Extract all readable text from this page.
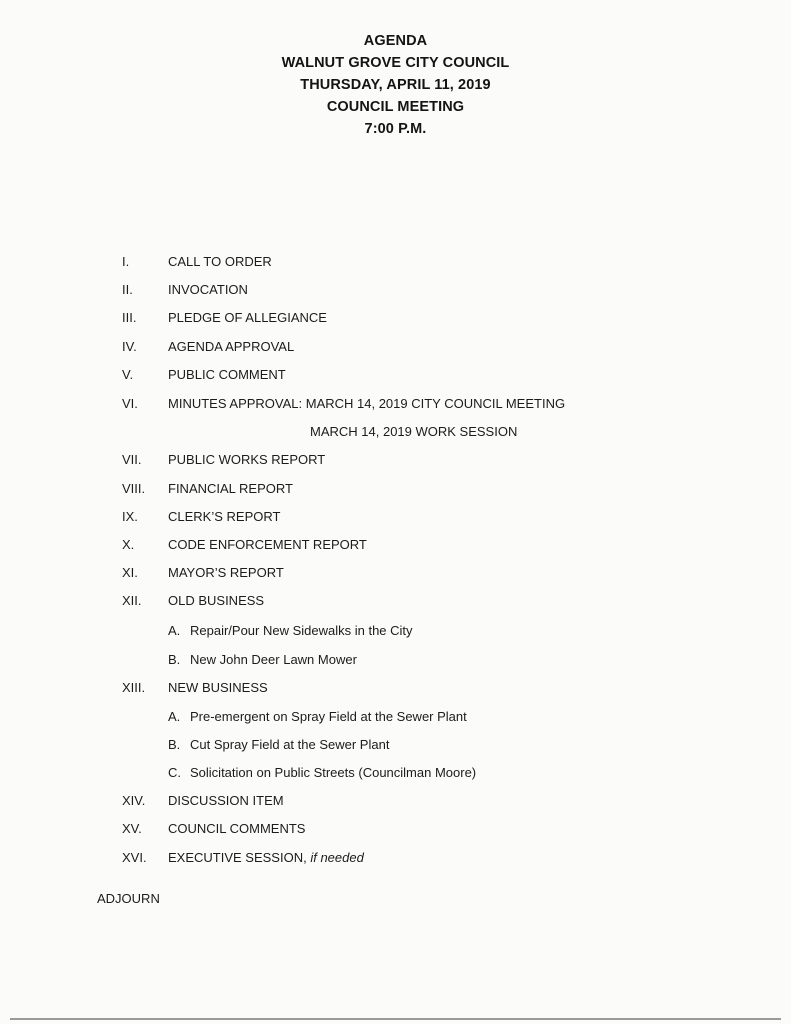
AGENDA
WALNUT GROVE CITY COUNCIL
THURSDAY, APRIL 11, 2019
COUNCIL MEETING
7:00 P.M.
I.	CALL TO ORDER
II.	INVOCATION
III. PLEDGE OF ALLEGIANCE
IV. AGENDA APPROVAL
V.	PUBLIC COMMENT
VI. MINUTES APPROVAL: MARCH 14, 2019 CITY COUNCIL MEETING
MARCH 14, 2019 WORK SESSION
VII. PUBLIC WORKS REPORT
VIII. FINANCIAL REPORT
IX. CLERK’S REPORT
X.	CODE ENFORCEMENT REPORT
XI. MAYOR’S REPORT
XII. OLD BUSINESS
A. Repair/Pour New Sidewalks in the City
B. New John Deer Lawn Mower
XIII. NEW BUSINESS
A. Pre-emergent on Spray Field at the Sewer Plant
B. Cut Spray Field at the Sewer Plant
C. Solicitation on Public Streets (Councilman Moore)
XIV. DISCUSSION ITEM
XV. COUNCIL COMMENTS
XVI. EXECUTIVE SESSION, if needed
ADJOURN
